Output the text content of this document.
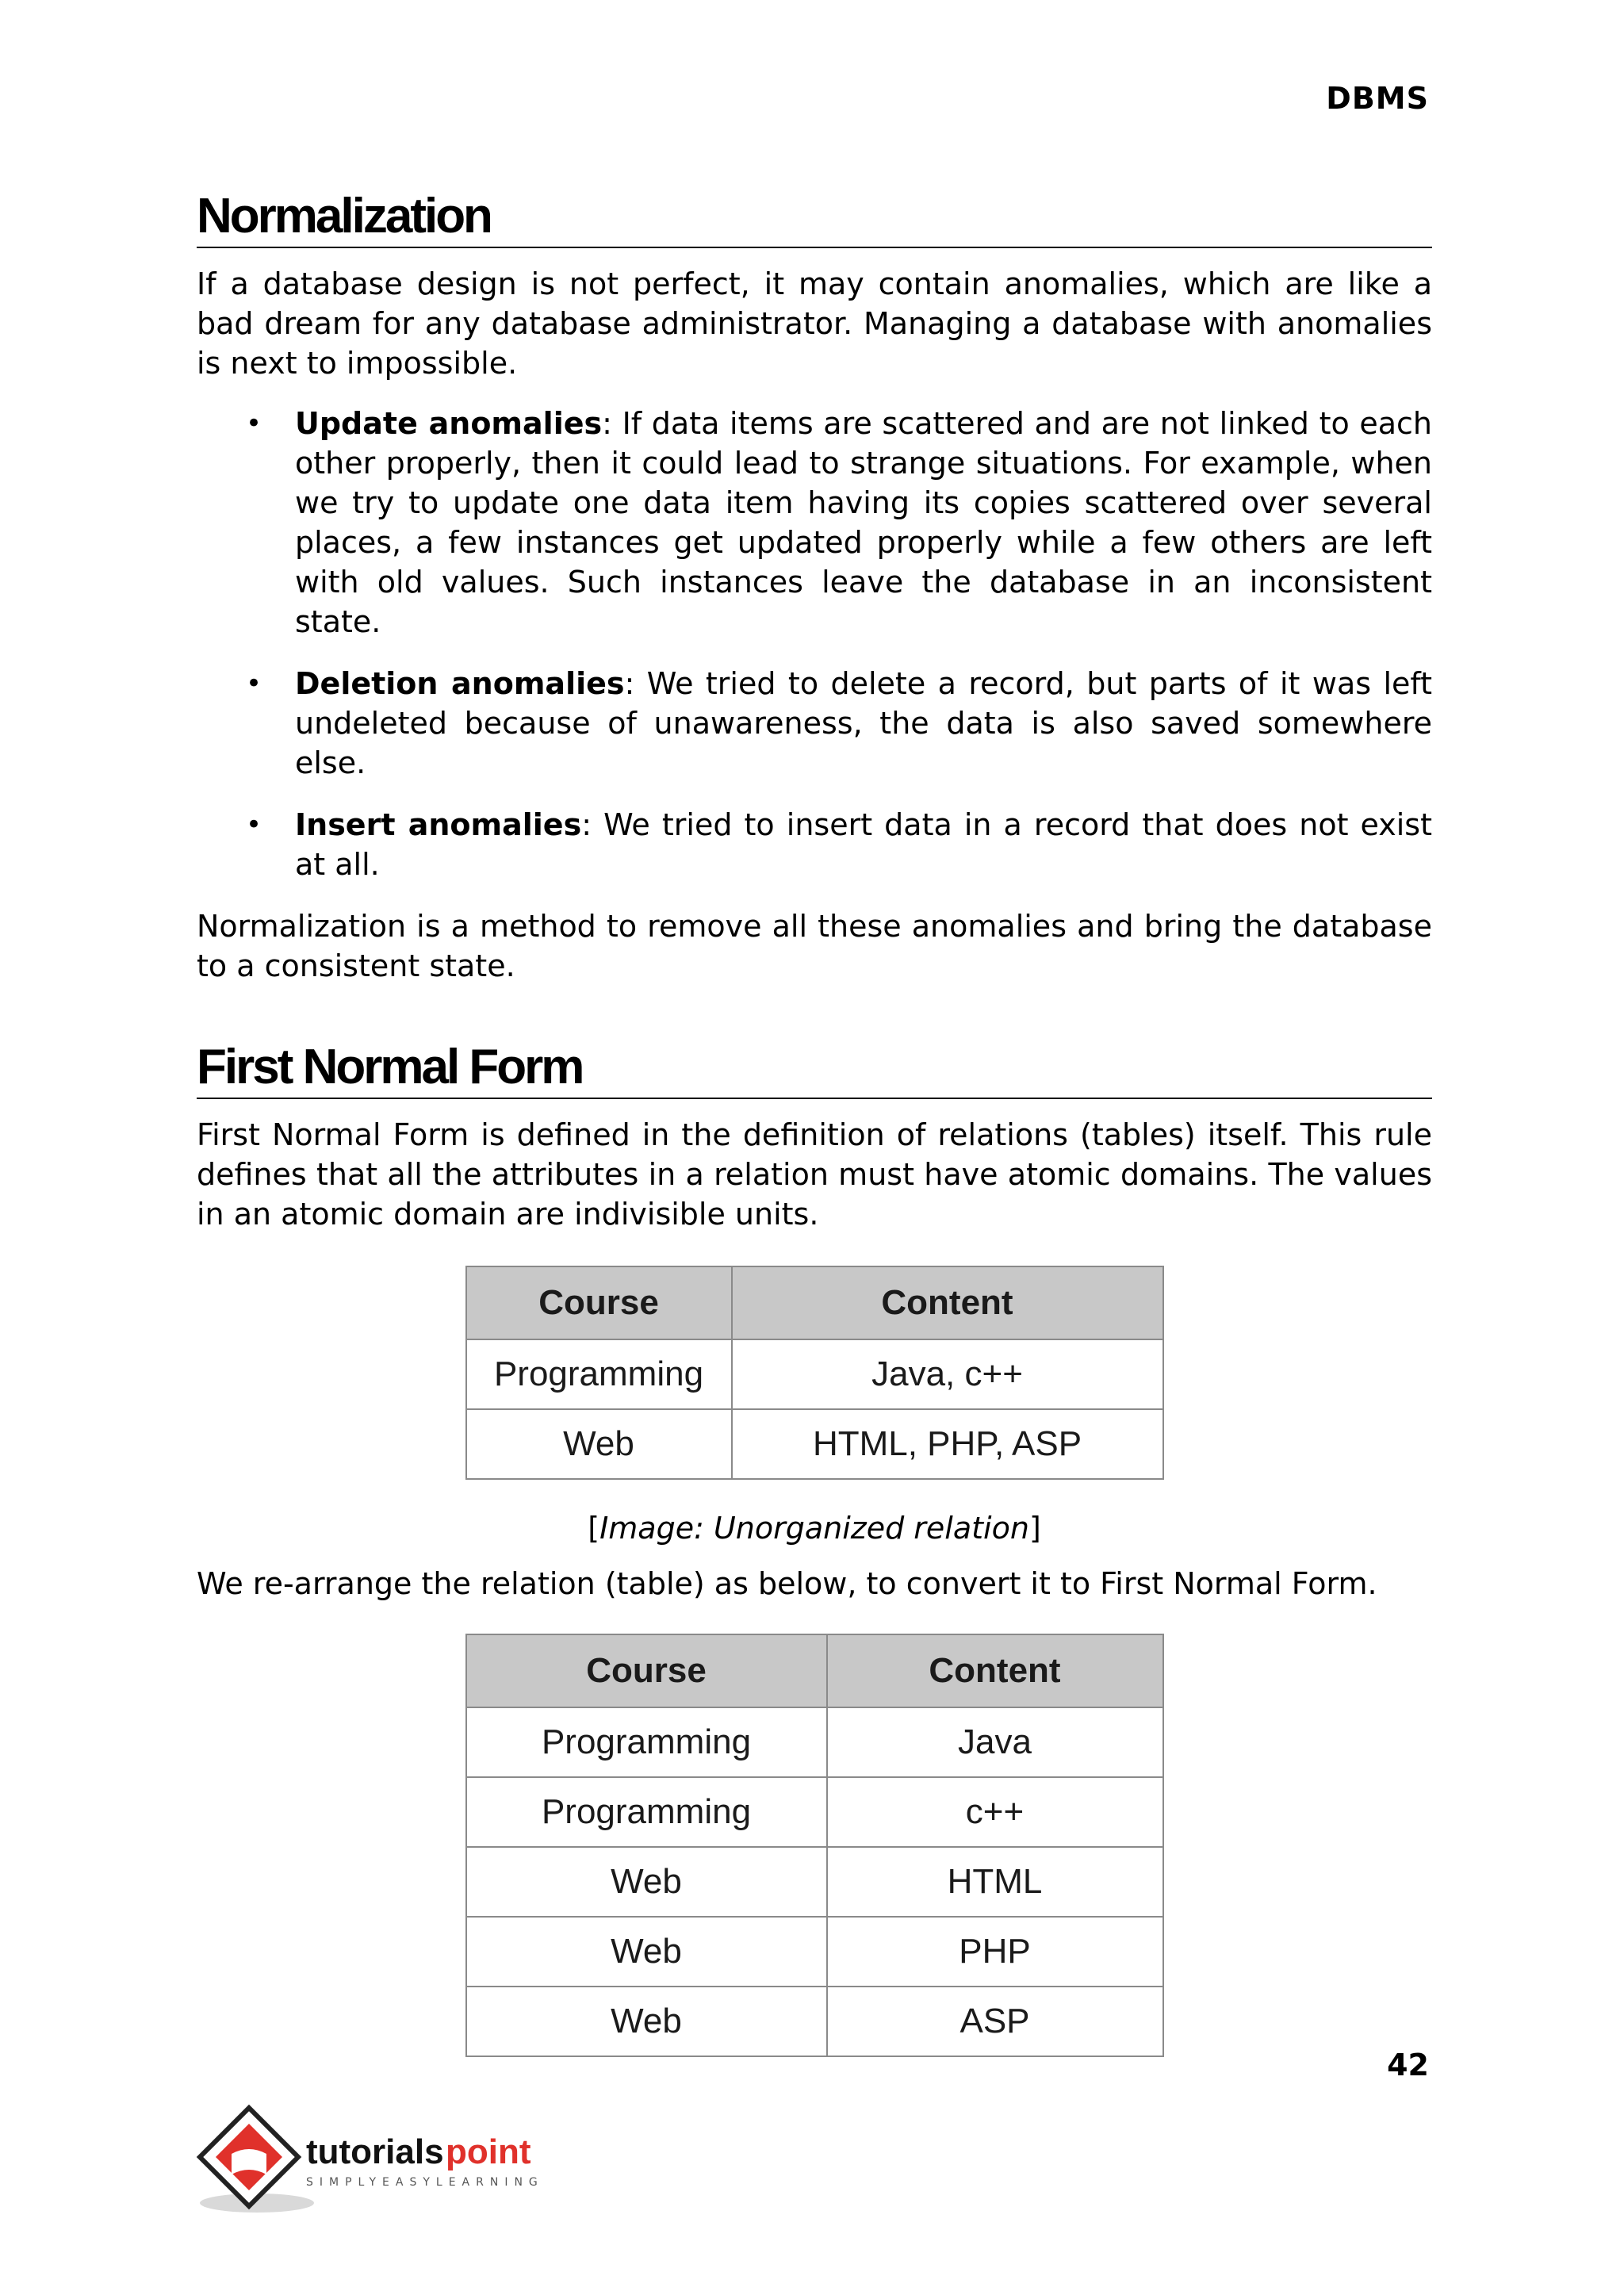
DBMS
Normalization

If a database design is not perfect, it may contain anomalies, which are like a bad dream for any database administrator. Managing a database with anomalies is next to impossible.

• Update anomalies: If data items are scattered and are not linked to each other properly, then it could lead to strange situations. For example, when we try to update one data item having its copies scattered over several places, a few instances get updated properly while a few others are left with old values. Such instances leave the database in an inconsistent state.
• Deletion anomalies: We tried to delete a record, but parts of it was left undeleted because of unawareness, the data is also saved somewhere else.
• Insert anomalies: We tried to insert data in a record that does not exist at all.

Normalization is a method to remove all these anomalies and bring the database to a consistent state.

First Normal Form

First Normal Form is defined in the definition of relations (tables) itself. This rule defines that all the attributes in a relation must have atomic domains. The values in an atomic domain are indivisible units.

Course	Content
Programming	Java, c++
Web	HTML, PHP, ASP
[Image: Unorganized relation]

We re-arrange the relation (table) as below, to convert it to First Normal Form.

Course	Content
Programming	Java
Programming	c++
Web	HTML
Web	PHP
Web	ASP
42
tutorials point
SIMPLYEASYLEARNING
